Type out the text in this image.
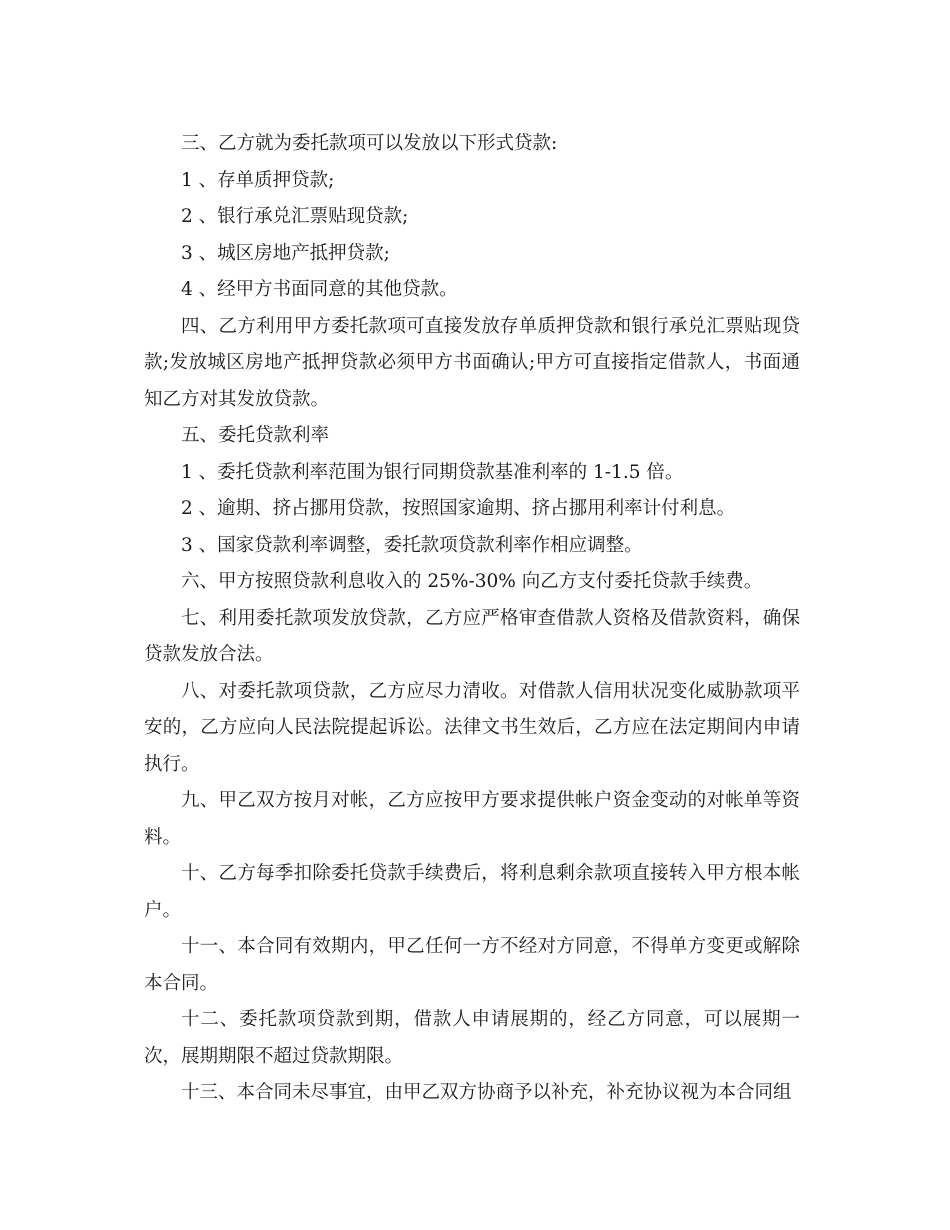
三、乙方就为委托款项可以发放以下形式贷款:

1 、存单质押贷款;

2 、银行承兑汇票贴现贷款;

3 、城区房地产抵押贷款;

4 、经甲方书面同意的其他贷款。

四、乙方利用甲方委托款项可直接发放存单质押贷款和银行承兑汇票贴现贷款;发放城区房地产抵押贷款必须甲方书面确认;甲方可直接指定借款人，书面通知乙方对其发放贷款。

五、委托贷款利率

1 、委托贷款利率范围为银行同期贷款基准利率的 1-1.5 倍。

2 、逾期、挤占挪用贷款，按照国家逾期、挤占挪用利率计付利息。

3 、国家贷款利率调整，委托款项贷款利率作相应调整。

六、甲方按照贷款利息收入的 25%-30% 向乙方支付委托贷款手续费。

七、利用委托款项发放贷款，乙方应严格审查借款人资格及借款资料，确保贷款发放合法。

八、对委托款项贷款，乙方应尽力清收。对借款人信用状况变化威胁款项平安的，乙方应向人民法院提起诉讼。法律文书生效后，乙方应在法定期间内申请执行。

九、甲乙双方按月对帐，乙方应按甲方要求提供帐户资金变动的对帐单等资料。

十、乙方每季扣除委托贷款手续费后，将利息剩余款项直接转入甲方根本帐户。

十一、本合同有效期内，甲乙任何一方不经对方同意，不得单方变更或解除本合同。

十二、委托款项贷款到期，借款人申请展期的，经乙方同意，可以展期一次，展期期限不超过贷款期限。

十三、本合同未尽事宜，由甲乙双方协商予以补充，补充协议视为本合同组
